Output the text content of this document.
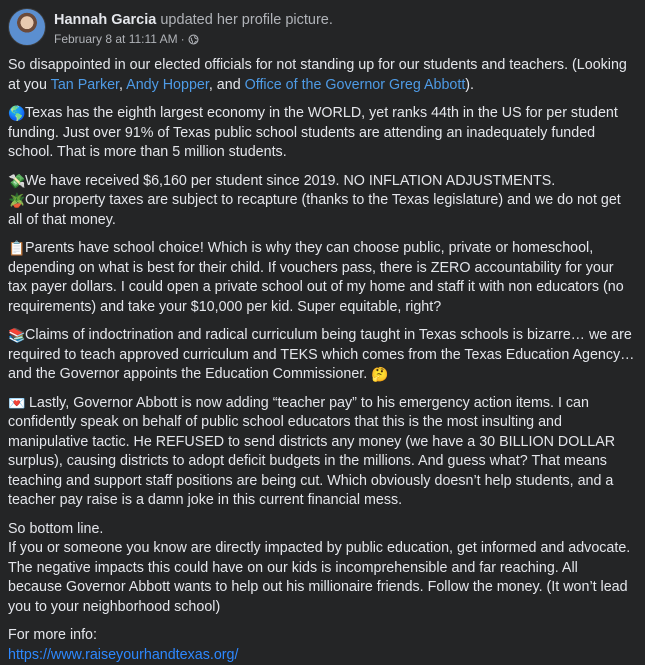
Hannah Garcia updated her profile picture.
February 8 at 11:11 AM ·
So disappointed in our elected officials for not standing up for our students and teachers. (Looking at you Tan Parker, Andy Hopper, and Office of the Governor Greg Abbott).
🌎Texas has the eighth largest economy in the WORLD, yet ranks 44th in the US for per student funding. Just over 91% of Texas public school students are attending an inadequately funded school. That is more than 5 million students.
💸We have received $6,160 per student since 2019. NO INFLATION ADJUSTMENTS.
🪴Our property taxes are subject to recapture (thanks to the Texas legislature) and we do not get all of that money.
📋Parents have school choice! Which is why they can choose public, private or homeschool, depending on what is best for their child. If vouchers pass, there is ZERO accountability for your tax payer dollars. I could open a private school out of my home and staff it with non educators (no requirements) and take your $10,000 per kid. Super equitable, right?
📚Claims of indoctrination and radical curriculum being taught in Texas schools is bizarre… we are required to teach approved curriculum and TEKS which comes from the Texas Education Agency… and the Governor appoints the Education Commissioner. 🤔
💌 Lastly, Governor Abbott is now adding “teacher pay” to his emergency action items. I can confidently speak on behalf of public school educators that this is the most insulting and manipulative tactic. He REFUSED to send districts any money (we have a 30 BILLION DOLLAR surplus), causing districts to adopt deficit budgets in the millions. And guess what? That means teaching and support staff positions are being cut. Which obviously doesn’t help students, and a teacher pay raise is a damn joke in this current financial mess.
So bottom line.
If you or someone you know are directly impacted by public education, get informed and advocate. The negative impacts this could have on our kids is incomprehensible and far reaching. All because Governor Abbott wants to help out his millionaire friends. Follow the money. (It won’t lead you to your neighborhood school)
For more info:
https://www.raiseyourhandtexas.org/
